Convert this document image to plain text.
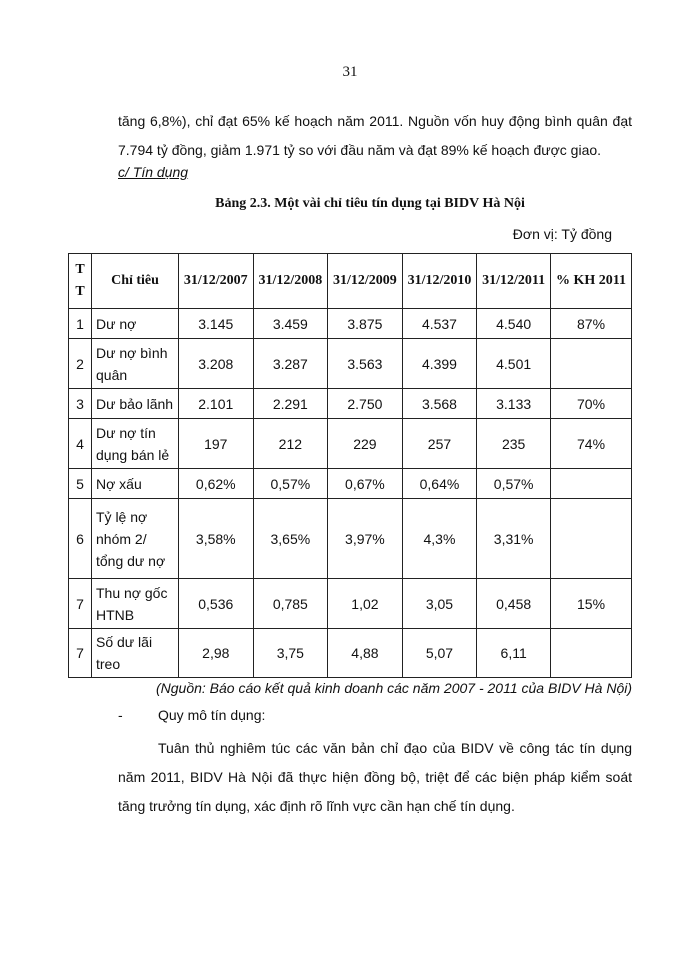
31
tăng 6,8%), chỉ đạt 65% kế hoạch năm 2011. Nguồn vốn huy động bình quân đạt 7.794 tỷ đồng, giảm 1.971 tỷ so với đầu năm và đạt 89% kế hoạch được giao.
c/ Tín dụng
Bảng 2.3. Một vài chỉ tiêu tín dụng tại BIDV Hà Nội
Đơn vị: Tỷ đồng
T T	Chỉ tiêu	31/12/2007	31/12/2008	31/12/2009	31/12/2010	31/12/2011	% KH 2011
1	Dư nợ	3.145	3.459	3.875	4.537	4.540	87%
2	Dư nợ bình quân	3.208	3.287	3.563	4.399	4.501	
3	Dư bảo lãnh	2.101	2.291	2.750	3.568	3.133	70%
4	Dư nợ tín dụng bán lẻ	197	212	229	257	235	74%
5	Nợ xấu	0,62%	0,57%	0,67%	0,64%	0,57%	
6	Tỷ lệ nợ nhóm 2/ tổng dư nợ	3,58%	3,65%	3,97%	4,3%	3,31%	
7	Thu nợ gốc HTNB	0,536	0,785	1,02	3,05	0,458	15%
7	Số dư lãi treo	2,98	3,75	4,88	5,07	6,11	
(Nguồn: Báo cáo kết quả kinh doanh các năm 2007 - 2011 của BIDV Hà Nội)
-	Quy mô tín dụng:
Tuân thủ nghiêm túc các văn bản chỉ đạo của BIDV về công tác tín dụng năm 2011, BIDV Hà Nội đã thực hiện đồng bộ, triệt để các biện pháp kiểm soát tăng trưởng tín dụng, xác định rõ lĩnh vực cần hạn chế tín dụng.
